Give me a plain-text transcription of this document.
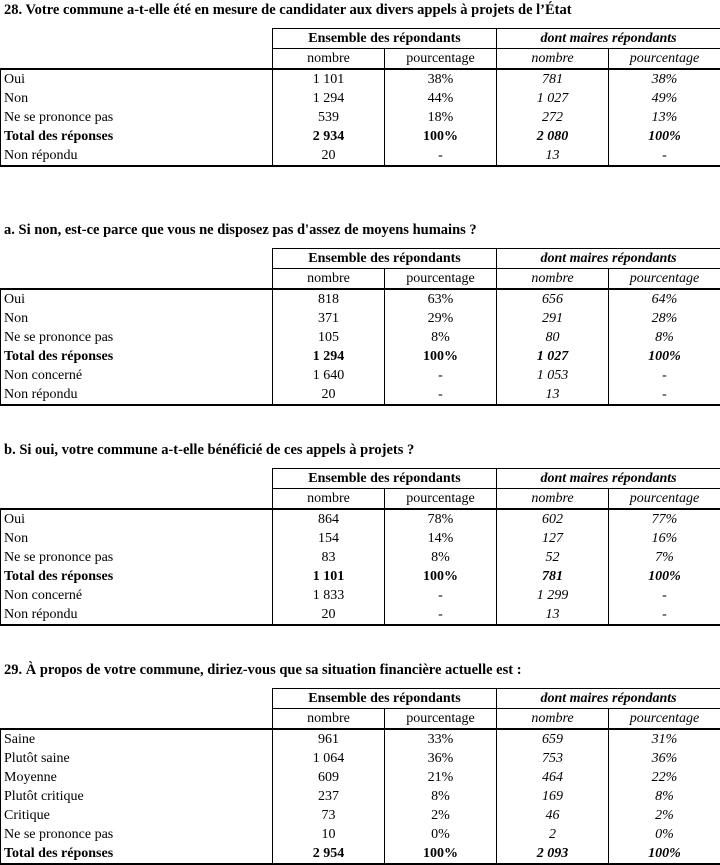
28. Votre commune a-t-elle été en mesure de candidater aux divers appels à projets de l’État
	Ensemble des répondants		dont maires répondants	
	nombre	pourcentage	nombre	pourcentage
Oui	1 101	38%	781	38%
Non	1 294	44%	1 027	49%
Ne se prononce pas	539	18%	272	13%
Total des réponses	2 934	100%	2 080	100%
Non répondu	20	-	13	-
a. Si non, est-ce parce que vous ne disposez pas d'assez de moyens humains ?
	Ensemble des répondants		dont maires répondants	
	nombre	pourcentage	nombre	pourcentage
Oui	818	63%	656	64%
Non	371	29%	291	28%
Ne se prononce pas	105	8%	80	8%
Total des réponses	1 294	100%	1 027	100%
Non concerné	1 640	-	1 053	-
Non répondu	20	-	13	-
b. Si oui, votre commune a-t-elle bénéficié de ces appels à projets ?
	Ensemble des répondants		dont maires répondants	
	nombre	pourcentage	nombre	pourcentage
Oui	864	78%	602	77%
Non	154	14%	127	16%
Ne se prononce pas	83	8%	52	7%
Total des réponses	1 101	100%	781	100%
Non concerné	1 833	-	1 299	-
Non répondu	20	-	13	-
29. À propos de votre commune, diriez-vous que sa situation financière actuelle est :
	Ensemble des répondants		dont maires répondants	
	nombre	pourcentage	nombre	pourcentage
Saine	961	33%	659	31%
Plutôt saine	1 064	36%	753	36%
Moyenne	609	21%	464	22%
Plutôt critique	237	8%	169	8%
Critique	73	2%	46	2%
Ne se prononce pas	10	0%	2	0%
Total des réponses	2 954	100%	2 093	100%
